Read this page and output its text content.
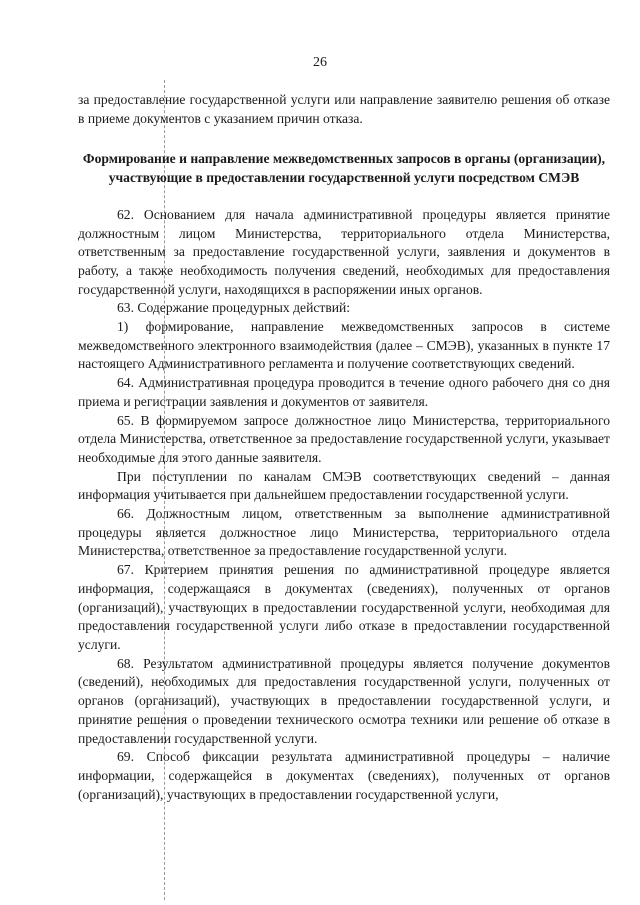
26

за предоставление государственной услуги или направление заявителю решения об отказе в приеме документов с указанием причин отказа.

Формирование и направление межведомственных запросов в органы (организации), участвующие в предоставлении государственной услуги посредством СМЭВ

62. Основанием для начала административной процедуры является принятие должностным лицом Министерства, территориального отдела Министерства, ответственным за предоставление государственной услуги, заявления и документов в работу, а также необходимость получения сведений, необходимых для предоставления государственной услуги, находящихся в распоряжении иных органов.

63. Содержание процедурных действий:

1) формирование, направление межведомственных запросов в системе межведомственного электронного взаимодействия (далее – СМЭВ), указанных в пункте 17 настоящего Административного регламента и получение соответствующих сведений.

64. Административная процедура проводится в течение одного рабочего дня со дня приема и регистрации заявления и документов от заявителя.

65. В формируемом запросе должностное лицо Министерства, территориального отдела Министерства, ответственное за предоставление государственной услуги, указывает необходимые для этого данные заявителя.

При поступлении по каналам СМЭВ соответствующих сведений – данная информация учитывается при дальнейшем предоставлении государственной услуги.

66. Должностным лицом, ответственным за выполнение административной процедуры является должностное лицо Министерства, территориального отдела Министерства, ответственное за предоставление государственной услуги.

67. Критерием принятия решения по административной процедуре является информация, содержащаяся в документах (сведениях), полученных от органов (организаций), участвующих в предоставлении государственной услуги, необходимая для предоставления государственной услуги либо отказе в предоставлении государственной услуги.

68. Результатом административной процедуры является получение документов (сведений), необходимых для предоставления государственной услуги, полученных от органов (организаций), участвующих в предоставлении государственной услуги, и принятие решения о проведении технического осмотра техники или решение об отказе в предоставлении государственной услуги.

69. Способ фиксации результата административной процедуры – наличие информации, содержащейся в документах (сведениях), полученных от органов (организаций), участвующих в предоставлении государственной услуги,
